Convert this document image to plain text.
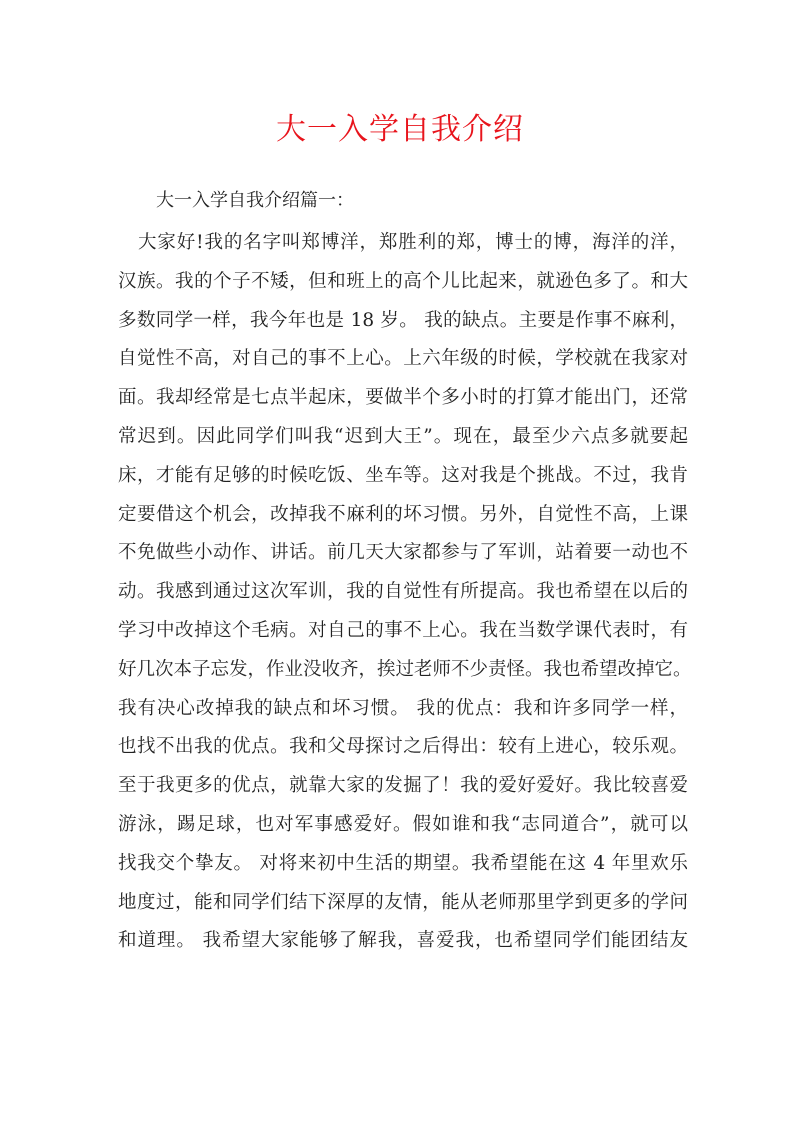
大一入学自我介绍

大一入学自我介绍篇一：

大家好!我的名字叫郑博洋，郑胜利的郑，博士的博，海洋的洋，
汉族。我的个子不矮，但和班上的高个儿比起来，就逊色多了。和大
多数同学一样，我今年也是 18 岁。 我的缺点。主要是作事不麻利，
自觉性不高，对自己的事不上心。上六年级的时候，学校就在我家对
面。我却经常是七点半起床，要做半个多小时的打算才能出门，还常
常迟到。因此同学们叫我“迟到大王”。现在，最至少六点多就要起
床，才能有足够的时候吃饭、坐车等。这对我是个挑战。不过，我肯
定要借这个机会，改掉我不麻利的坏习惯。另外，自觉性不高，上课
不免做些小动作、讲话。前几天大家都参与了军训，站着要一动也不
动。我感到通过这次军训，我的自觉性有所提高。我也希望在以后的
学习中改掉这个毛病。对自己的事不上心。我在当数学课代表时，有
好几次本子忘发，作业没收齐，挨过老师不少责怪。我也希望改掉它。
我有决心改掉我的缺点和坏习惯。 我的优点：我和许多同学一样，
也找不出我的优点。我和父母探讨之后得出：较有上进心，较乐观。
至于我更多的优点，就靠大家的发掘了！我的爱好爱好。我比较喜爱
游泳，踢足球，也对军事感爱好。假如谁和我“志同道合”，就可以
找我交个挚友。 对将来初中生活的期望。我希望能在这 4 年里欢乐
地度过，能和同学们结下深厚的友情，能从老师那里学到更多的学问
和道理。 我希望大家能够了解我，喜爱我，也希望同学们能团结友
